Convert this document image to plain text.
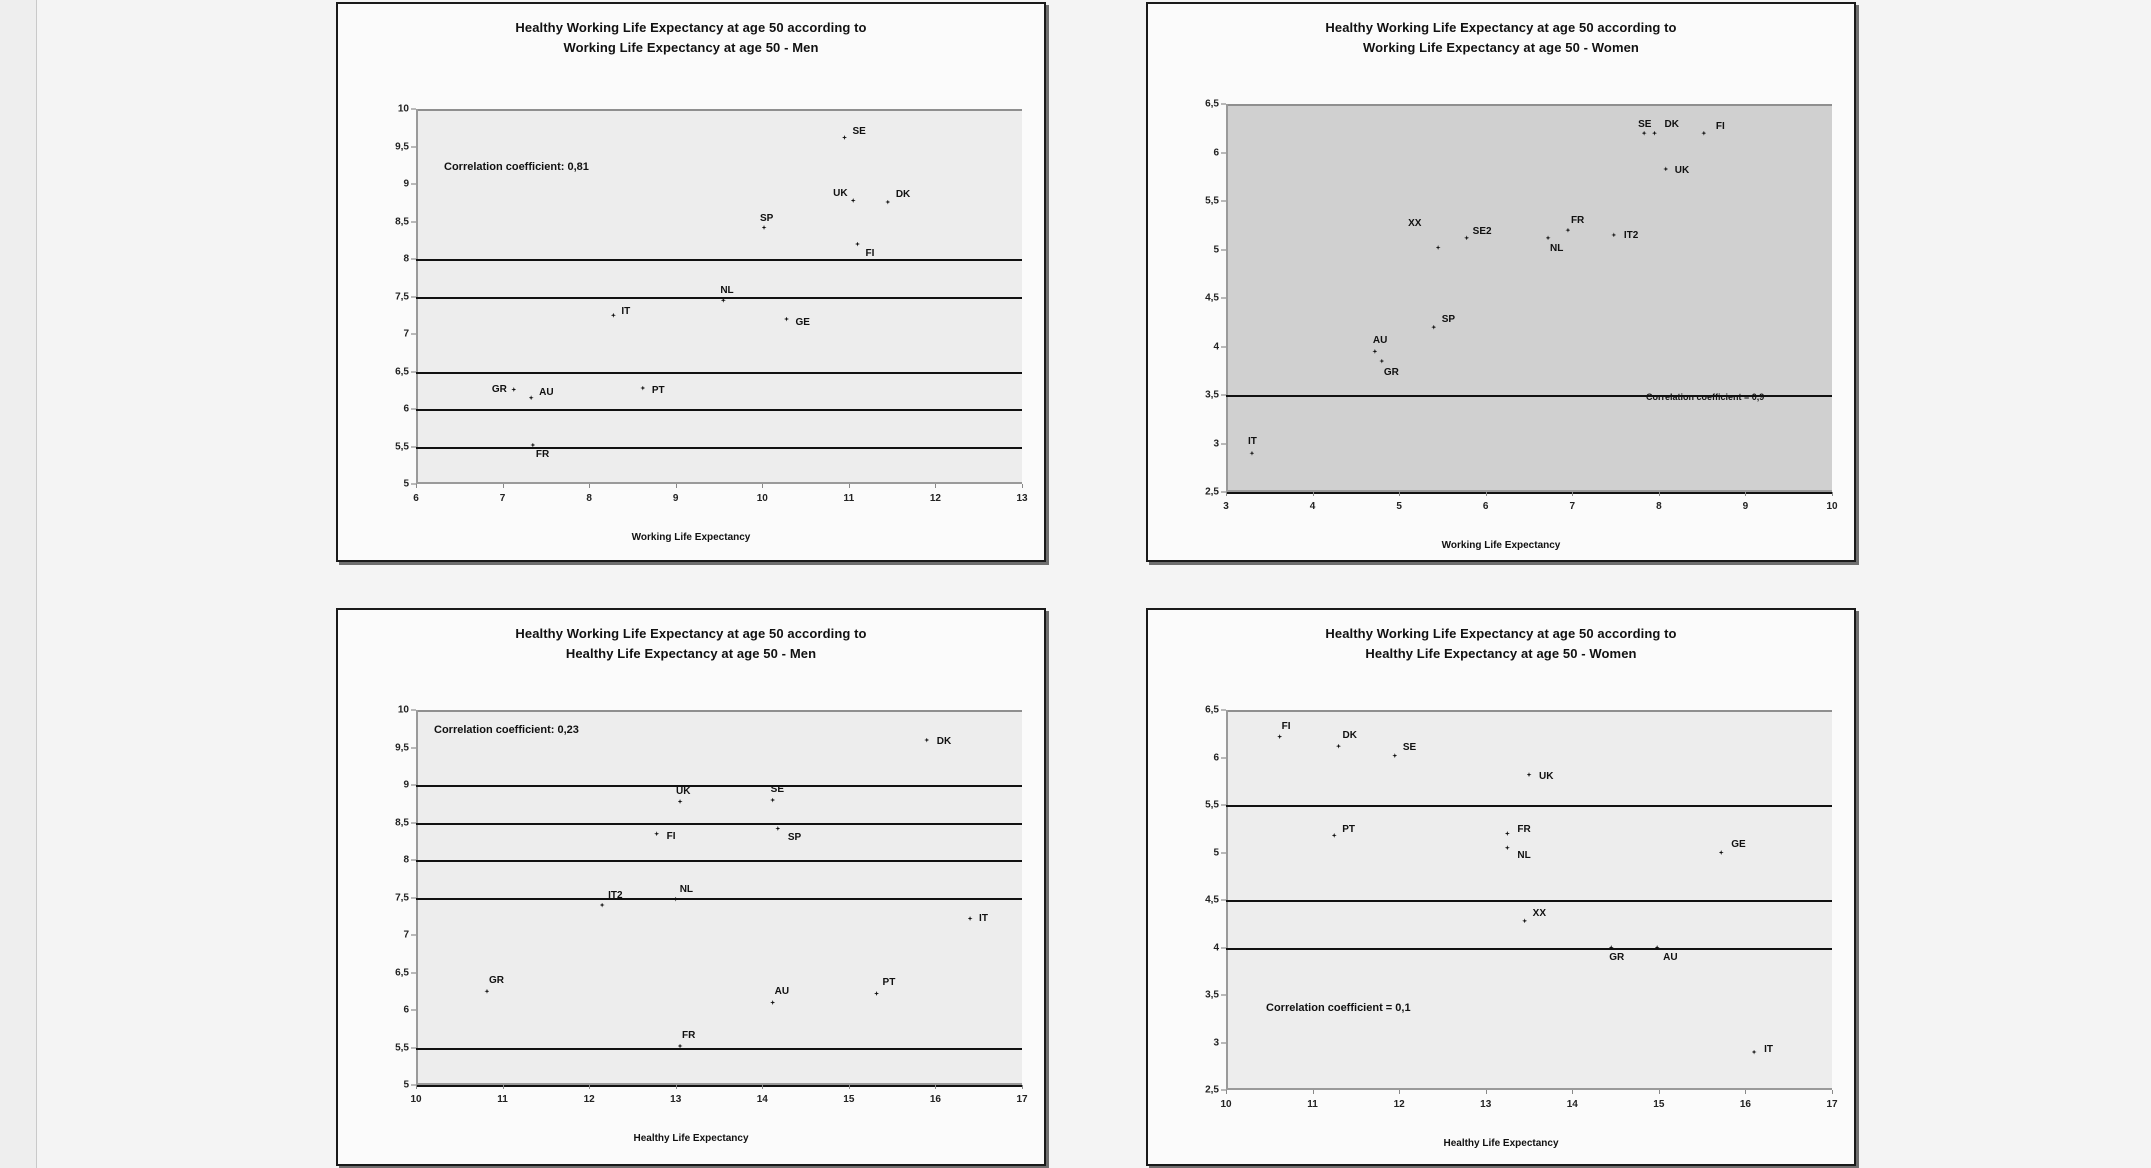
Healthy Working Life Expectancy at age 50 according to
Working Life Expectancy at age 50 - Men
10
9,5
9
8,5
8
7,5
7
6,5
6
5,5
5
6	7	8	9	10	11	12	13
SE
UK	DK
SP
FI
NL
IT
GE
GR	AU	PT
FR
Correlation coefficient: 0,81
Working Life Expectancy
Healthy Working Life Expectancy at age 50 according to
Working Life Expectancy at age 50 - Women
6,5
6
5,5
5
4,5
4
3,5
3
2,5
3	4	5	6	7	8	9	10
SE DK	FI
UK
FR
NL
SE2	IT2
XX
SP
AU
GR
IT
Correlation coefficient = 0,9
Working Life Expectancy
Healthy Working Life Expectancy at age 50 according to
Healthy Life Expectancy at age 50 - Men
10
9,5
9
8,5
8
7,5
7
6,5
6
5,5
5
10	11	12	13	14	15	16	17
DK
UK	SE
FI	SP
IT2
NL
IT
GR
AU
PT
FR
Correlation coefficient: 0,23
Healthy Life Expectancy
Healthy Working Life Expectancy at age 50 according to
Healthy Life Expectancy at age 50 - Women
6,5
6
5,5
5
4,5
4
3,5
3
2,5
10	11	12	13	14	15	16	17
FI
DK
SE
UK
PT	FR
NL
GE
XX
GR	AU
IT
Correlation coefficient = 0,1
Healthy Life Expectancy
